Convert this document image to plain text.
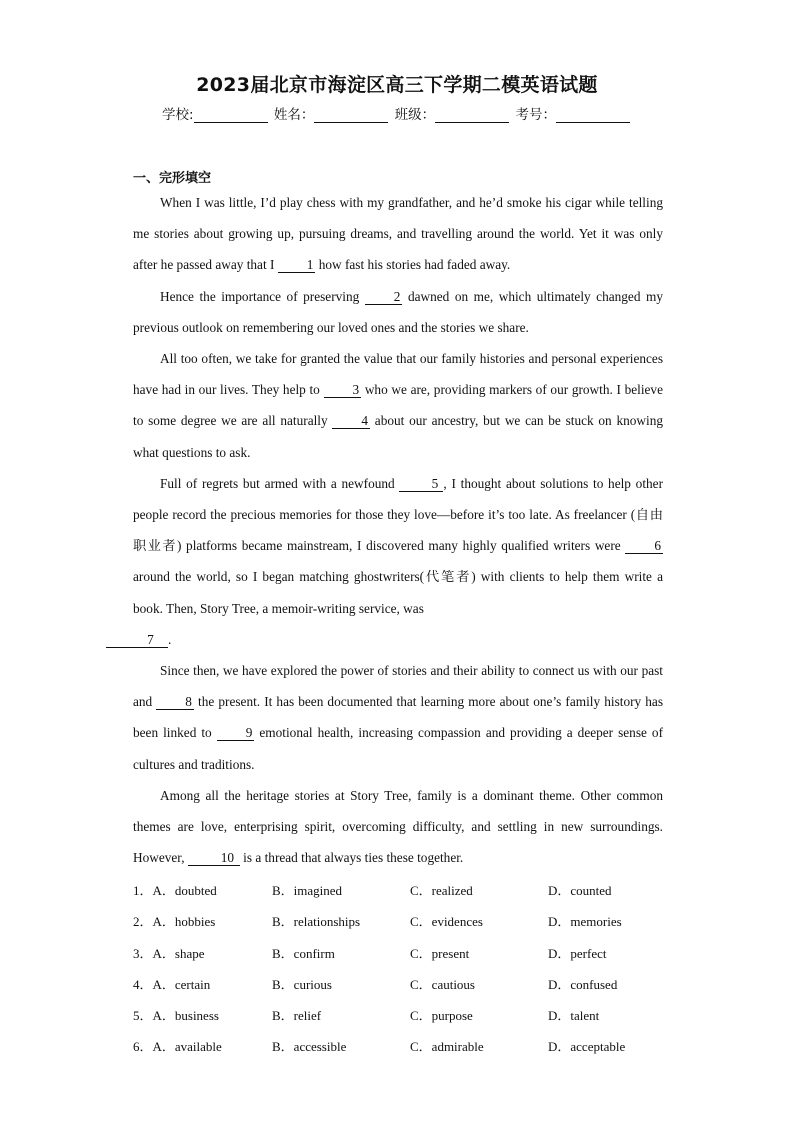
2023届北京市海淀区高三下学期二模英语试题
学校:	姓名：	班级：	考号：
一、完形填空

When I was little, I’d play chess with my grandfather, and he’d smoke his cigar while telling me stories about growing up, pursuing dreams, and travelling around the world. Yet it was only after he passed away that I 1 how fast his stories had faded away.

Hence the importance of preserving 2 dawned on me, which ultimately changed my previous outlook on remembering our loved ones and the stories we share.

All too often, we take for granted the value that our family histories and personal experiences have had in our lives. They help to 3 who we are, providing markers of our growth. I believe to some degree we are all naturally 4 about our ancestry, but we can be stuck on knowing what questions to ask.

Full of regrets but armed with a newfound 5 , I thought about solutions to help other people record the precious memories for those they love—before it’s too late. As freelancer (自由职业者) platforms became mainstream, I discovered many highly qualified writers were 6 around the world, so I began matching ghostwriters(代笔者) with clients to help them write a book. Then, Story Tree, a memoir-writing service, was
7 .

Since then, we have explored the power of stories and their ability to connect us with our past and 8 the present. It has been documented that learning more about one’s family history has been linked to 9 emotional health, increasing compassion and providing a deeper sense of cultures and traditions.

Among all the heritage stories at Story Tree, family is a dominant theme. Other common themes are love, enterprising spirit, overcoming difficulty, and settling in new surroundings. However, 10 is a thread that always ties these together.

1．A．doubted	B．imagined	C．realized	D．counted
2．A．hobbies	B．relationships	C．evidences	D．memories
3．A．shape	B．confirm	C．present	D．perfect
4．A．certain	B．curious	C．cautious	D．confused
5．A．business	B．relief	C．purpose	D．talent
6．A．available	B．accessible	C．admirable	D．acceptable
